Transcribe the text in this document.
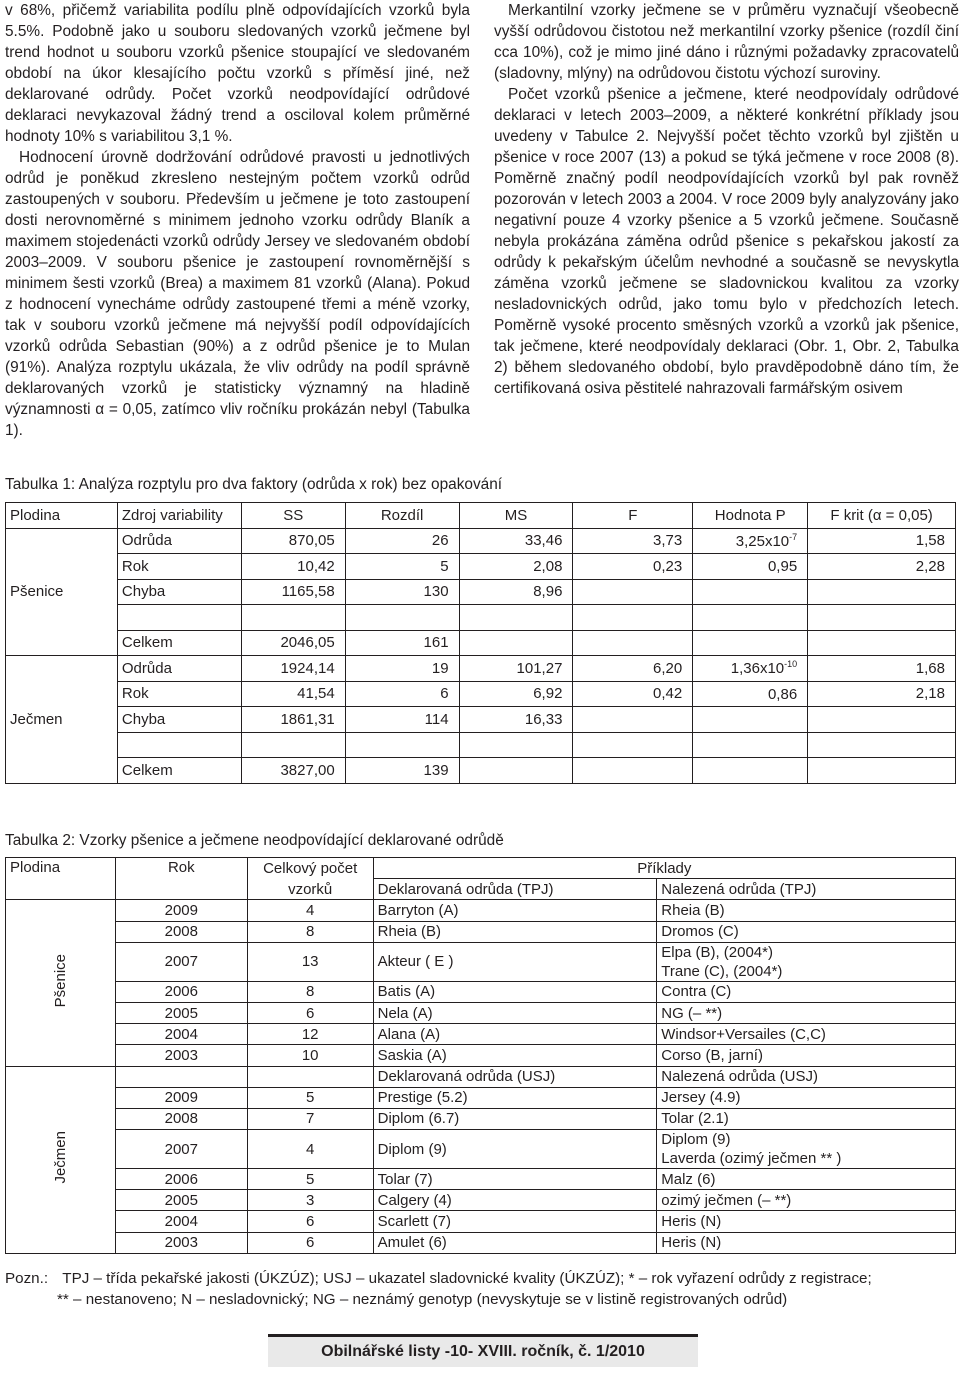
v 68%, přičemž variabilita podílu plně odpovídajících vzorků byla 5.5%. Podobně jako u souboru sledovaných vzorků ječmene byl trend hodnot u souboru vzorků pšenice stoupající ve sledovaném období na úkor klesajícího počtu vzorků s příměsí jiné, než deklarované odrůdy. Počet vzorků neodpovídající odrůdové deklaraci nevykazoval žádný trend a osciloval kolem průměrné hodnoty 10% s variabilitou 3,1 %.

Hodnocení úrovně dodržování odrůdové pravosti u jednotlivých odrůd je poněkud zkresleno nestejným počtem vzorků odrůd zastoupených v souboru. Především u ječmene je toto zastoupení dosti nerovnoměrné s minimem jednoho vzorku odrůdy Blaník a maximem stojedenácti vzorků odrůdy Jersey ve sledovaném období 2003–2009. V souboru pšenice je zastoupení rovnoměrnější s minimem šesti vzorků (Brea) a maximem 81 vzorků (Alana). Pokud z hodnocení vynecháme odrůdy zastoupené třemi a méně vzorky, tak v souboru vzorků ječmene má nejvyšší podíl odpovídajících vzorků odrůda Sebastian (90%) a z odrůd pšenice je to Mulan (91%). Analýza rozptylu ukázala, že vliv odrůdy na podíl správně deklarovaných vzorků je statisticky významný na hladině významnosti α = 0,05, zatímco vliv ročníku prokázán nebyl (Tabulka 1).

Merkantilní vzorky ječmene se v průměru vyznačují všeobecně vyšší odrůdovou čistotou než merkantilní vzorky pšenice (rozdíl činí cca 10%), což je mimo jiné dáno i různými požadavky zpracovatelů (sladovny, mlýny) na odrůdovou čistotu výchozí suroviny.

Počet vzorků pšenice a ječmene, které neodpovídaly odrůdové deklaraci v letech 2003–2009, a některé konkrétní příklady jsou uvedeny v Tabulce 2. Nejvyšší počet těchto vzorků byl zjištěn u pšenice v roce 2007 (13) a pokud se týká ječmene v roce 2008 (8). Poměrně značný podíl neodpovídajících vzorků byl pak rovněž pozorován v letech 2003 a 2004. V roce 2009 byly analyzovány jako negativní pouze 4 vzorky pšenice a 5 vzorků ječmene. Současně nebyla prokázána záměna odrůd pšenice s pekařskou jakostí za odrůdy k pekařským účelům nevhodné a současně se nevyskytla záměna vzorků ječmene se sladovnickou kvalitou za vzorky nesladovnických odrůd, jako tomu bylo v předchozích letech. Poměrně vysoké procento směsných vzorků a vzorků jak pšenice, tak ječmene, které neodpovídaly deklaraci (Obr. 1, Obr. 2, Tabulka 2) během sledovaného období, bylo pravděpodobně dáno tím, že certifikovaná osiva pěstitelé nahrazovali farmářským osivem

Tabulka 1: Analýza rozptylu pro dva faktory (odrůda x rok) bez opakování
Plodina	Zdroj variability	SS	Rozdíl	MS	F	Hodnota P	F krit (α = 0,05)
Pšenice	Odrůda	870,05	26	33,46	3,73	$3,25x10^{-7}$	1,58
	Rok	10,42	5	2,08	0,23	0,95	2,28
	Chyba	1165,58	130	8,96			

	Celkem	2046,05	161				
Ječmen	Odrůda	1924,14	19	101,27	6,20	$1,36x10^{-10}$	1,68
	Rok	41,54	6	6,92	0,42	0,86	2,18
	Chyba	1861,31	114	16,33			

	Celkem	3827,00	139				
Tabulka 2: Vzorky pšenice a ječmene neodpovídající deklarované odrůdě
Plodina	Rok	Celkový počet	Příklady	
		vzorků	Deklarovaná odrůda (TPJ)	Nalezená odrůda (TPJ)
Pšenice	2009	4	Barryton (A)	Rheia (B)

	2008	8	Rheia (B)	Dromos (C)

	2007	13	Akteur ( E )	Elpa (B), (2004*)
Trane (C), (2004*)

	2006	8	Batis (A)	Contra (C)

	2005	6	Nela (A)	NG (– **)

	2004	12	Alana (A)	Windsor+Versailes (C,C)

	2003	10	Saskia (A)	Corso (B, jarní)

Ječmen			Deklarovaná odrůda (USJ)	Nalezená odrůda (USJ)
	2009	5	Prestige (5.2)	Jersey (4.9)

	2008	7	Diplom (6.7)	Tolar (2.1)

	2007	4	Diplom (9)	Diplom (9)
Laverda (ozimý ječmen ** )

	2006	5	Tolar (7)	Malz (6)

	2005	3	Calgery (4)	ozimý ječmen (– **)

	2004	6	Scarlett (7)	Heris (N)

	2003	6	Amulet (6)	Heris (N)
Pozn.: TPJ – třída pekařské jakosti (ÚKZÚZ); USJ – ukazatel sladovnické kvality (ÚKZÚZ); * – rok vyřazení odrůdy z registrace;
** – nestanoveno; N – nesladovnický; NG – neznámý genotyp (nevyskytuje se v listině registrovaných odrůd)
Obilnářské listy -10- XVIII. ročník, č. 1/2010
